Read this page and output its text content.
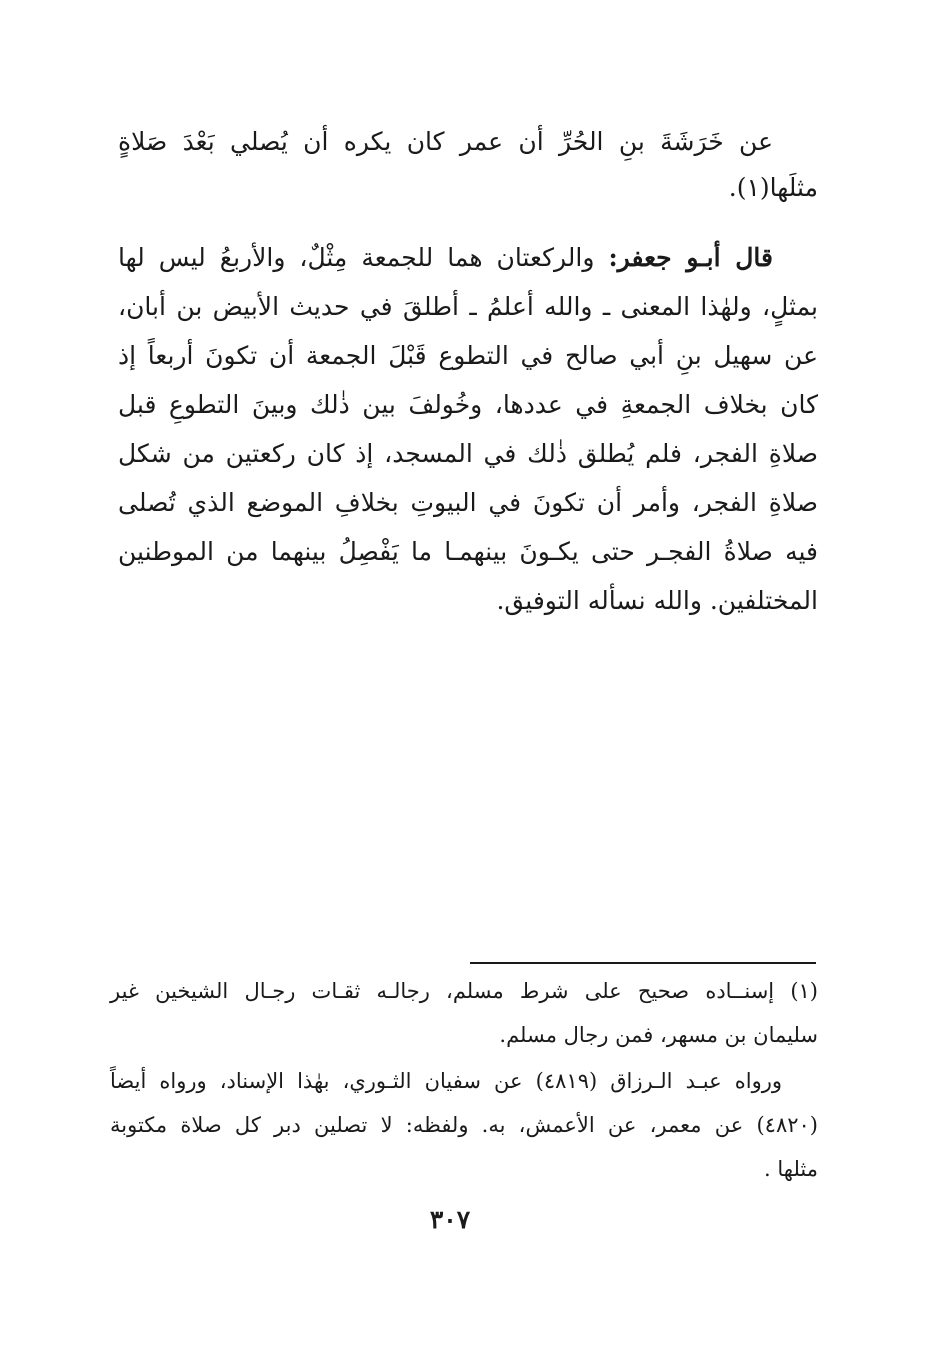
عن خَرَشَةَ بنِ الحُرِّ أن عمر كان يكره أن يُصلي بَعْدَ صَلاةٍ
مثلَها(١).
قال أبـو جعفر: والركعتان هما للجمعة مِثْلٌ، والأربعُ ليس لها
بمثلٍ، ولهٰذا المعنى ـ والله أعلمُ ـ أطلقَ في حديث الأبيض بن أبان،
عن سهيل بنِ أبي صالح في التطوع قَبْلَ الجمعة أن تكونَ أربعاً إذ
كان بخلاف الجمعةِ في عددها، وخُولفَ بين ذٰلك وبينَ التطوعِ قبل
صلاةِ الفجر، فلم يُطلق ذٰلك في المسجد، إذ كان ركعتين من شكل
صلاةِ الفجر، وأمر أن تكونَ في البيوتِ بخلافِ الموضع الذي تُصلى
فيه صلاةُ الفجـر حتى يكـونَ بينهمـا ما يَفْصِلُ بينهما من الموطنين
المختلفين. والله نسأله التوفيق.
(١) إسنــاده صحيح على شرط مسلم، رجالـه ثقـات رجـال الشيخين غير
سليمان بن مسهر، فمن رجال مسلم.
ورواه عبـد الـرزاق (٤٨١٩) عن سفيان الثـوري، بهٰذا الإسناد، ورواه أيضاً
(٤٨٢٠) عن معمر، عن الأعمش، به. ولفظه: لا تصلين دبر كل صلاة مكتوبة
مثلها .
٣٠٧
